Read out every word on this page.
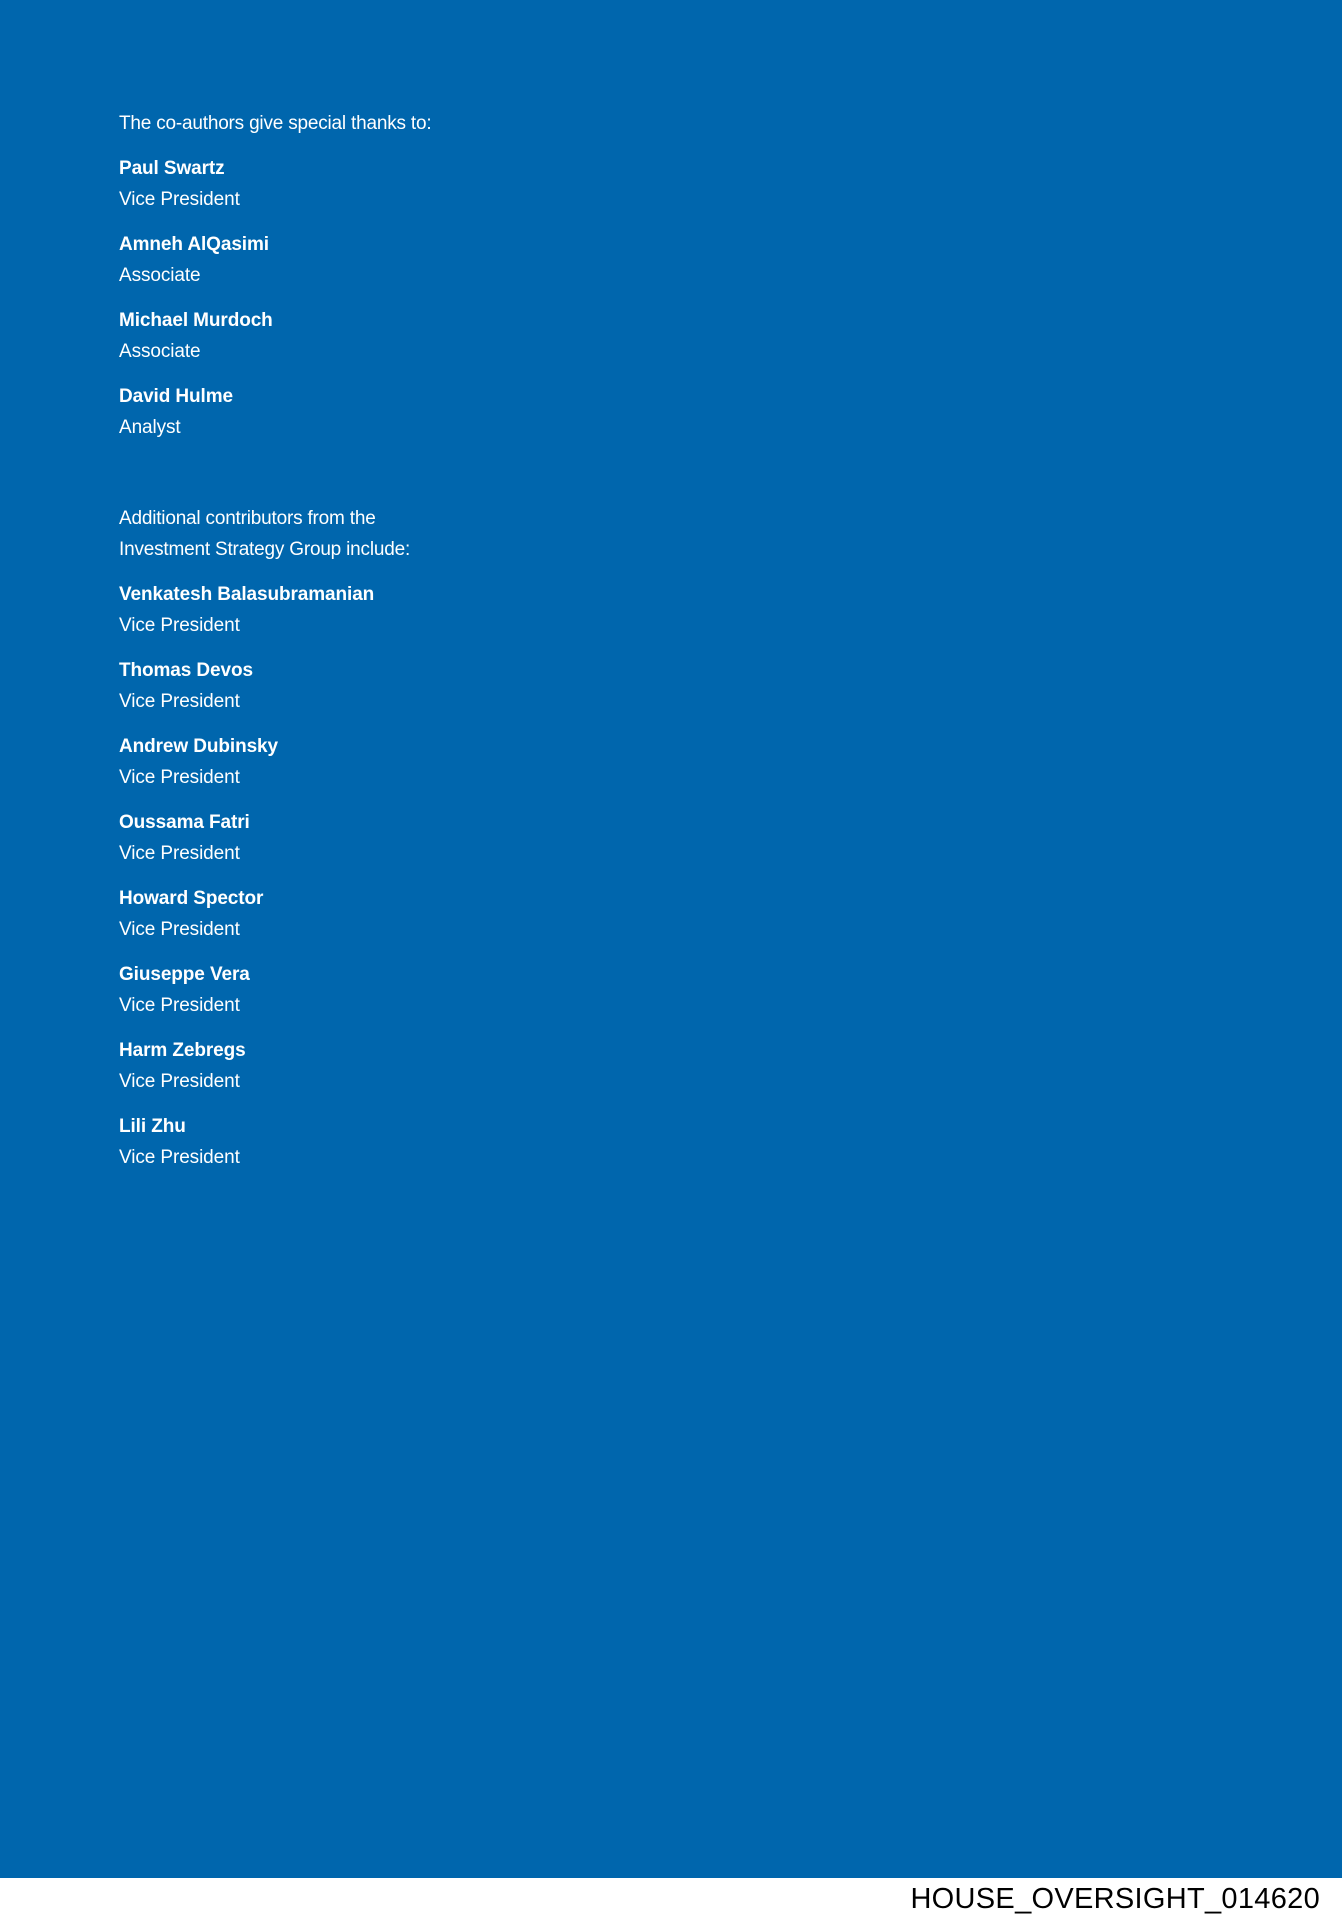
The co-authors give special thanks to:

Paul Swartz
Vice President
Amneh AlQasimi
Associate
Michael Murdoch
Associate
David Hulme
Analyst

Additional contributors from the
Investment Strategy Group include:

Venkatesh Balasubramanian
Vice President
Thomas Devos
Vice President
Andrew Dubinsky
Vice President
Oussama Fatri
Vice President
Howard Spector
Vice President
Giuseppe Vera
Vice President
Harm Zebregs
Vice President
Lili Zhu
Vice President
HOUSE_OVERSIGHT_014620
